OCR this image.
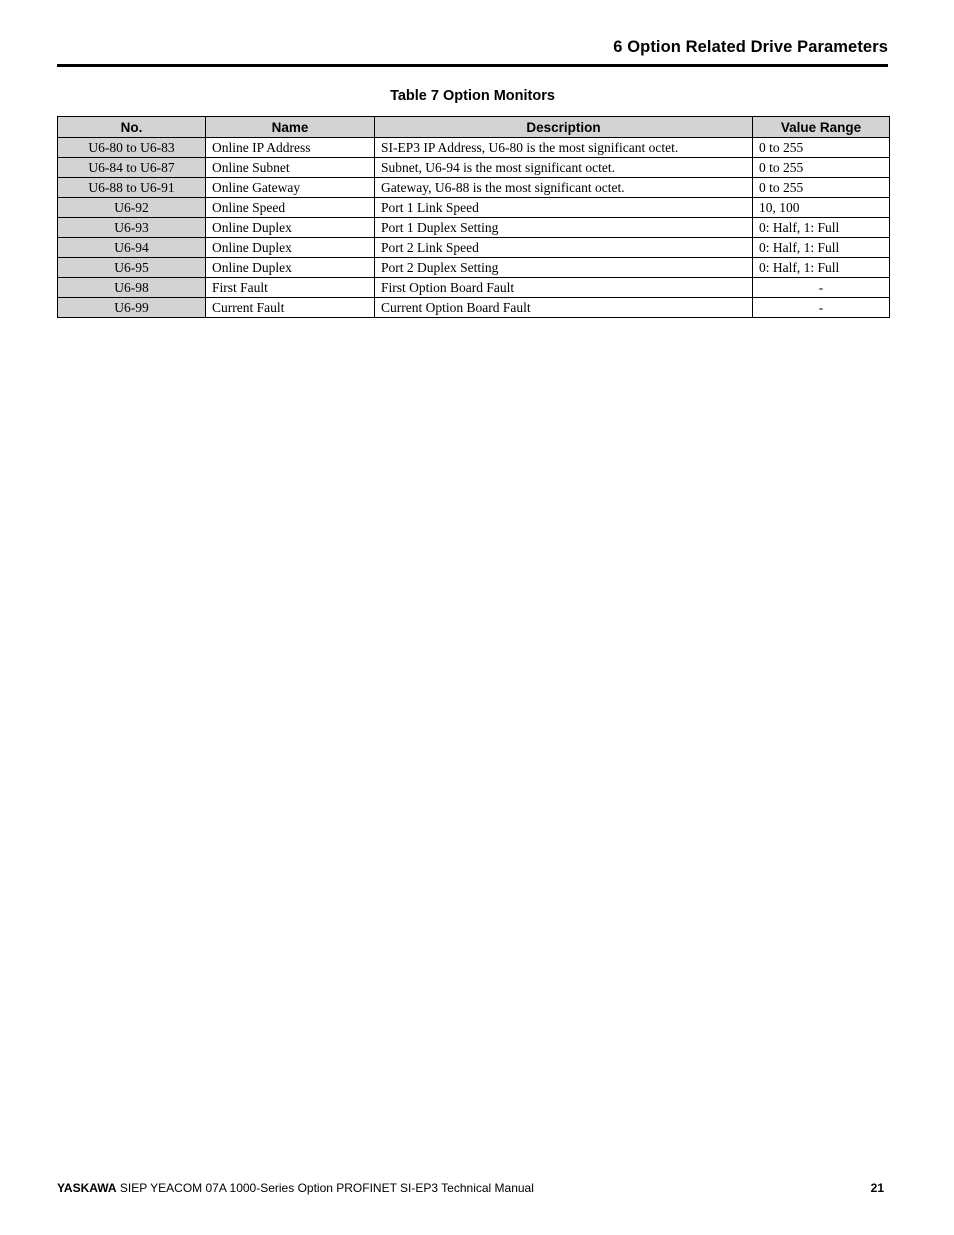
6 Option Related Drive Parameters
Table 7 Option Monitors
No.	Name	Description	Value Range
U6-80 to U6-83	Online IP Address	SI-EP3 IP Address, U6-80 is the most significant octet.	0 to 255
U6-84 to U6-87	Online Subnet	Subnet, U6-94 is the most significant octet.	0 to 255
U6-88 to U6-91	Online Gateway	Gateway, U6-88 is the most significant octet.	0 to 255
U6-92	Online Speed	Port 1 Link Speed	10, 100
U6-93	Online Duplex	Port 1 Duplex Setting	0: Half, 1: Full
U6-94	Online Duplex	Port 2 Link Speed	0: Half, 1: Full
U6-95	Online Duplex	Port 2 Duplex Setting	0: Half, 1: Full
U6-98	First Fault	First Option Board Fault	-
U6-99	Current Fault	Current Option Board Fault	-
YASKAWA SIEP YEACOM 07A 1000-Series Option PROFINET SI-EP3 Technical Manual	21
